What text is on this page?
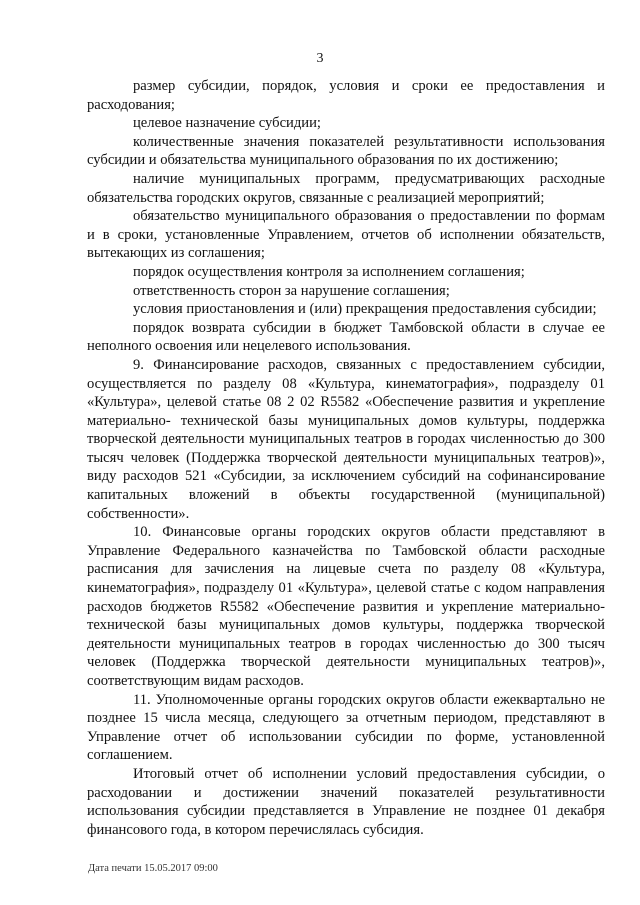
3

размер субсидии, порядок, условия и сроки ее предоставления и расходования;

целевое назначение субсидии;

количественные значения показателей результативности использования субсидии и обязательства муниципального образования по их достижению;

наличие муниципальных программ, предусматривающих расходные обязательства городских округов, связанные с реализацией мероприятий;

обязательство муниципального образования о предоставлении по формам и в сроки, установленные Управлением, отчетов об исполнении обязательств, вытекающих из соглашения;

порядок осуществления контроля за исполнением соглашения;

ответственность сторон за нарушение соглашения;

условия приостановления и (или) прекращения предоставления субсидии;

порядок возврата субсидии в бюджет Тамбовской области в случае ее неполного освоения или нецелевого использования.

9. Финансирование расходов, связанных с предоставлением субсидии, осуществляется по разделу 08 «Культура, кинематография», подразделу 01 «Культура», целевой статье 08 2 02 R5582 «Обеспечение развития и укрепление материально- технической базы муниципальных домов культуры, поддержка творческой деятельности муниципальных театров в городах численностью до 300 тысяч человек (Поддержка творческой деятельности муниципальных театров)», виду расходов 521 «Субсидии, за исключением субсидий на софинансирование капитальных вложений в объекты государственной (муниципальной) собственности».

10. Финансовые органы городских округов области представляют в Управление Федерального казначейства по Тамбовской области расходные расписания для зачисления на лицевые счета по разделу 08 «Культура, кинематография», подразделу 01 «Культура», целевой статье с кодом направления расходов бюджетов R5582 «Обеспечение развития и укрепление материально- технической базы муниципальных домов культуры, поддержка творческой деятельности муниципальных театров в городах численностью до 300 тысяч человек (Поддержка творческой деятельности муниципальных театров)», соответствующим видам расходов.

11. Уполномоченные органы городских округов области ежеквартально не позднее 15 числа месяца, следующего за отчетным периодом, представляют в Управление отчет об использовании субсидии по форме, установленной соглашением.

Итоговый отчет об исполнении условий предоставления субсидии, о расходовании и достижении значений показателей результативности использования субсидии представляется в Управление не позднее 01 декабря финансового года, в котором перечислялась субсидия.

Дата печати 15.05.2017 09:00
